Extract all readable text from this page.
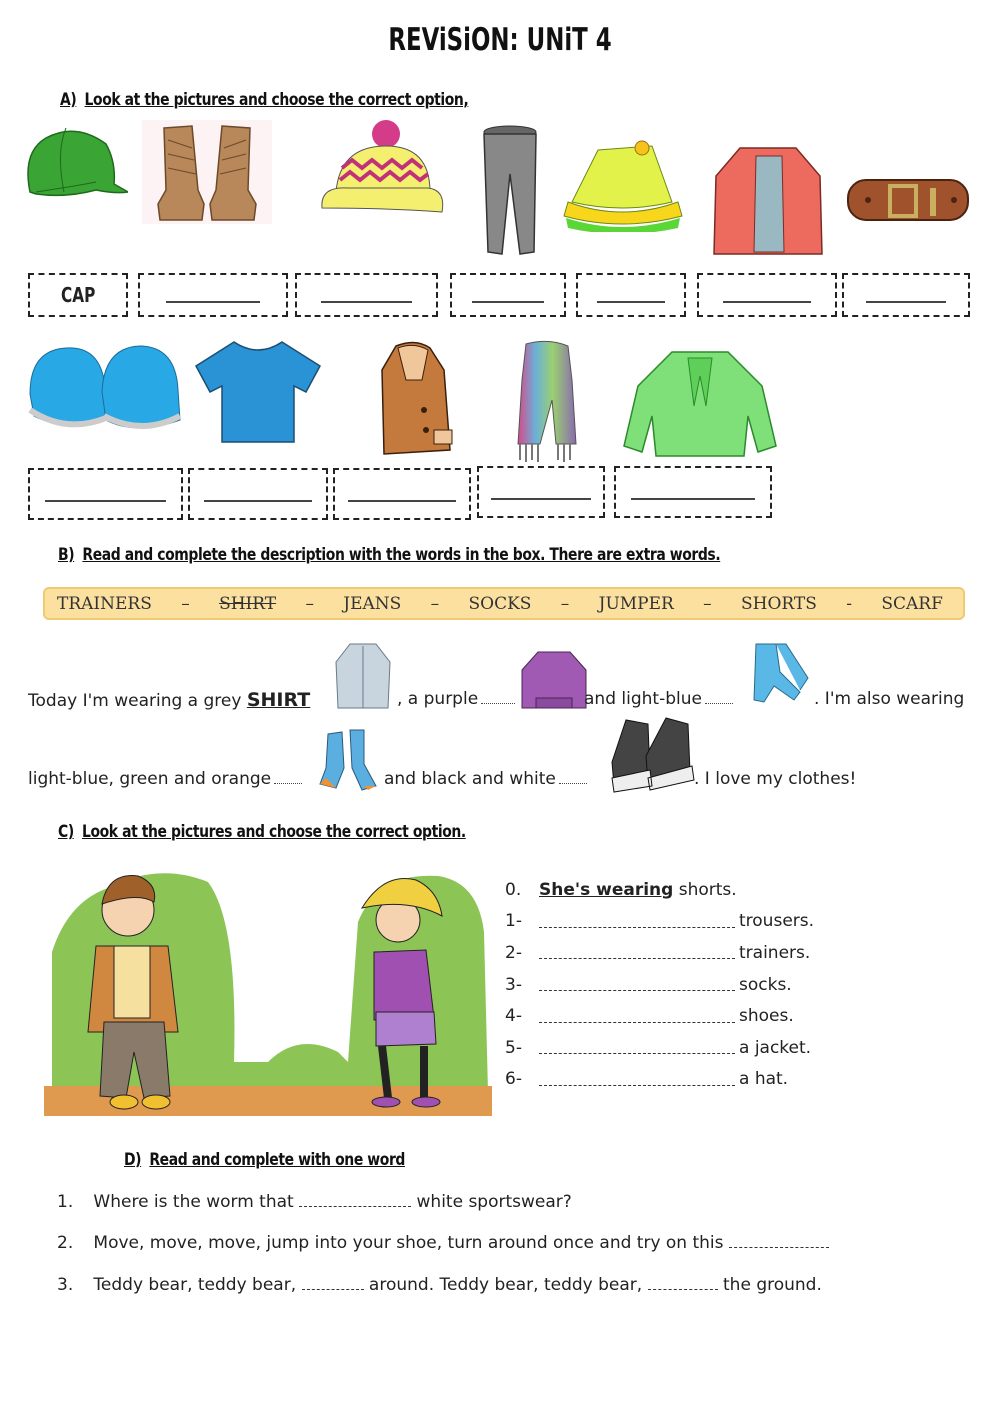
REViSiON: UNiT 4
A) Look at the pictures and choose the correct option,
CAP
B) Read and complete the description with the words in the box. There are extra words.
TRAINERS – SHIRT – JEANS – SOCKS – JUMPER – SHORTS - SCARF
Today I'm wearing a grey SHIRT	, a purple	and light-blue	. I'm also wearing
light-blue, green and orange	and black and white	. I love my clothes!
C) Look at the pictures and choose the correct option.
0.	She's wearing
shorts.
1-	trousers.
2-	trainers.
3-	socks.
4-	shoes.
5-	a jacket.
6-	a hat.
D) Read and complete with one word
1. Where is the worm that	white sportswear?
2. Move, move, move, jump into your shoe, turn around once and try on this
3. Teddy bear, teddy bear,	around. Teddy bear, teddy bear,	the ground.
